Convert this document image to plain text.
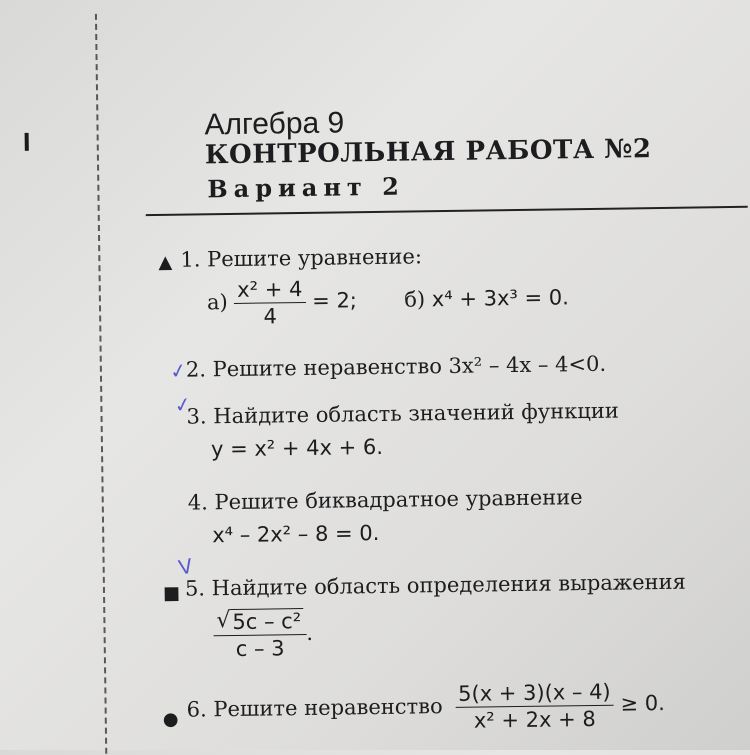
Алгебра 9
КОНТРОЛЬНАЯ РАБОТА №2
Вариант 2
▲ 1. Решите уравнение:
$а) \frac{\text{x² + 4}}{4} = 2$; б) x⁴ + 3x³ = 0.
✓
2. Решите неравенство 3x² – 4x – 4<0.
✓
3. Найдите область значений функции
y = x² + 4x + 6.
4. Решите биквадратное уравнение
x⁴ – 2x² – 8 = 0.
V
■ 5. Найдите область определения выражения
$\frac{\text{√ 5c – c²}}{c - 3}$ .
● 6. Решите неравенство $\frac{5(x + 3)(x - 4)}{\text{x² + 2x + 8}} \ge 0$.
